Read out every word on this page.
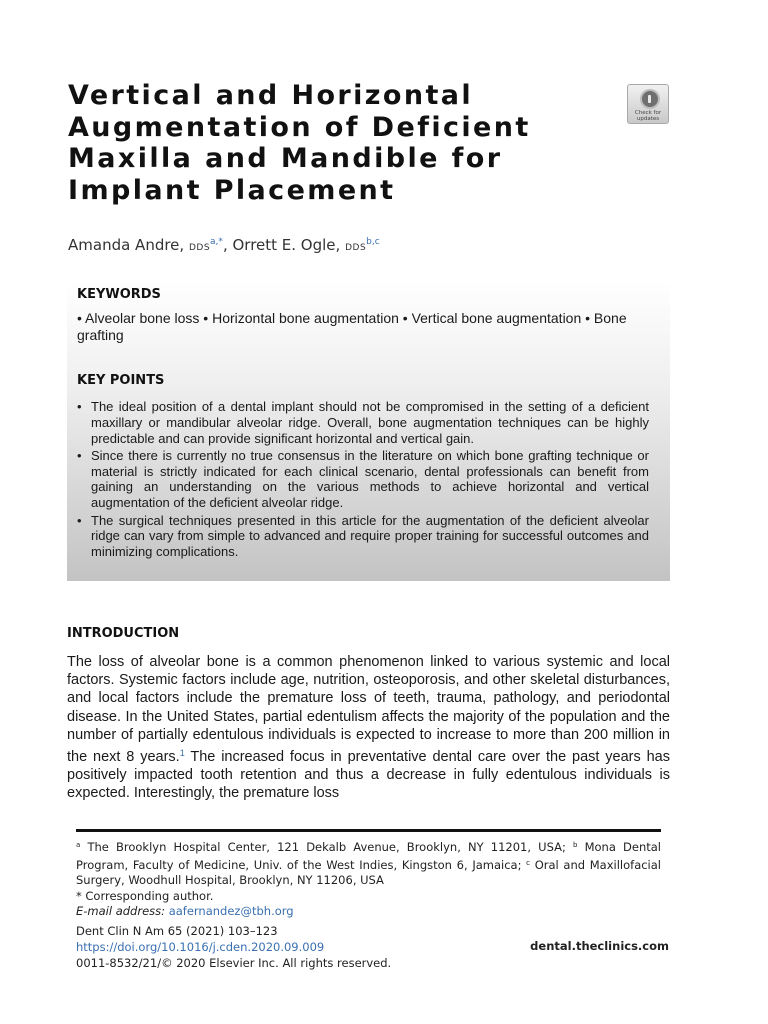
Vertical and Horizontal Augmentation of Deficient Maxilla and Mandible for Implant Placement
Check for updates
Amanda Andre, $DDS^{a,*}$, Orrett E. Ogle, DDS$^{b,c}$
KEYWORDS
• Alveolar bone loss • Horizontal bone augmentation • Vertical bone augmentation • Bone grafting
KEY POINTS
• The ideal position of a dental implant should not be compromised in the setting of a deficient maxillary or mandibular alveolar ridge. Overall, bone augmentation techniques can be highly predictable and can provide significant horizontal and vertical gain.
• Since there is currently no true consensus in the literature on which bone grafting technique or material is strictly indicated for each clinical scenario, dental professionals can benefit from gaining an understanding on the various methods to achieve horizontal and vertical augmentation of the deficient alveolar ridge.
• The surgical techniques presented in this article for the augmentation of the deficient alveolar ridge can vary from simple to advanced and require proper training for successful outcomes and minimizing complications.
INTRODUCTION

The loss of alveolar bone is a common phenomenon linked to various systemic and local factors. Systemic factors include age, nutrition, osteoporosis, and other skeletal disturbances, and local factors include the premature loss of teeth, trauma, pathology, and periodontal disease. In the United States, partial edentulism affects the majority of the population and the number of partially edentulous individuals is expected to increase to more than 200 million in the next 8 years.$^1$ The increased focus in preventative dental care over the past years has positively impacted tooth retention and thus a decrease in fully edentulous individuals is expected. Interestingly, the premature loss

$^a$ The Brooklyn Hospital Center, 121 Dekalb Avenue, Brooklyn, NY 11201, USA; $^b$ Mona Dental Program, Faculty of Medicine, Univ. of the West Indies, Kingston 6, Jamaica; $^c$ Oral and Maxillofacial Surgery, Woodhull Hospital, Brooklyn, NY 11206, USA
* Corresponding author.
E-mail address: aafernandez@tbh.org
Dent Clin N Am 65 (2021) 103–123
https://doi.org/10.1016/j.cden.2020.09.009
0011-8532/21/© 2020 Elsevier Inc. All rights reserved.
dental.theclinics.com
